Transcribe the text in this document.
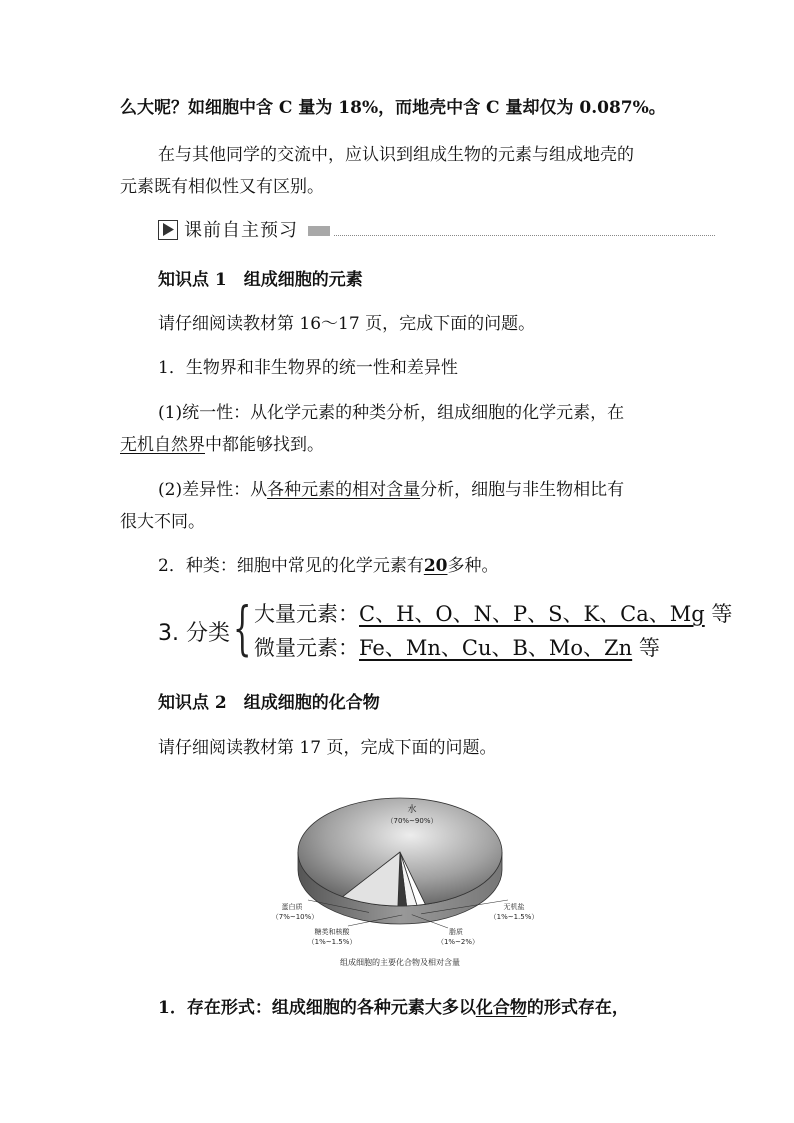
么大呢？如细胞中含 C 量为 18%，而地壳中含 C 量却仅为 0.087%。
在与其他同学的交流中，应认识到组成生物的元素与组成地壳的
元素既有相似性又有区别。
课前自主预习
知识点 1　组成细胞的元素
请仔细阅读教材第 16～17 页，完成下面的问题。
1．生物界和非生物界的统一性和差异性
(1)统一性：从化学元素的种类分析，组成细胞的化学元素，在
无机自然界中都能够找到。
(2)差异性：从各种元素的相对含量分析，细胞与非生物相比有
很大不同。
2．种类：细胞中常见的化学元素有20多种。
3. 分类 { 大量元素：C、H、O、N、P、S、K、Ca、Mg 等
微量元素：Fe、Mn、Cu、B、Mo、Zn 等
知识点 2　组成细胞的化合物
请仔细阅读教材第 17 页，完成下面的问题。
水
（70%~90%）
蛋白质
（7%~10%）
糖类和核酸
（1%~1.5%）
脂质
（1%~2%）
无机盐
（1%~1.5%）
组成细胞的主要化合物及相对含量
1．存在形式：组成细胞的各种元素大多以化合物的形式存在，
